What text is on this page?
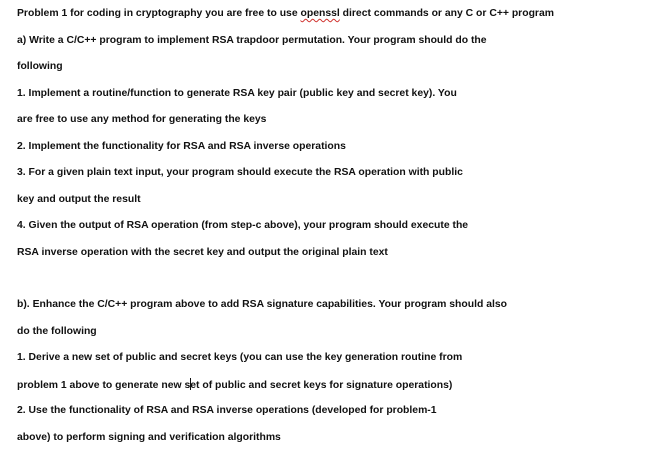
Problem 1 for coding in cryptography you are free to use openssl direct commands or any C or C++ program
a) Write a C/C++ program to implement RSA trapdoor permutation. Your program should do the
following
1. Implement a routine/function to generate RSA key pair (public key and secret key). You
are free to use any method for generating the keys
2. Implement the functionality for RSA and RSA inverse operations
3. For a given plain text input, your program should execute the RSA operation with public
key and output the result
4. Given the output of RSA operation (from step-c above), your program should execute the
RSA inverse operation with the secret key and output the original plain text
b). Enhance the C/C++ program above to add RSA signature capabilities. Your program should also
do the following
1. Derive a new set of public and secret keys (you can use the key generation routine from
problem 1 above to generate new set of public and secret keys for signature operations)
2. Use the functionality of RSA and RSA inverse operations (developed for problem-1
above) to perform signing and verification algorithms
